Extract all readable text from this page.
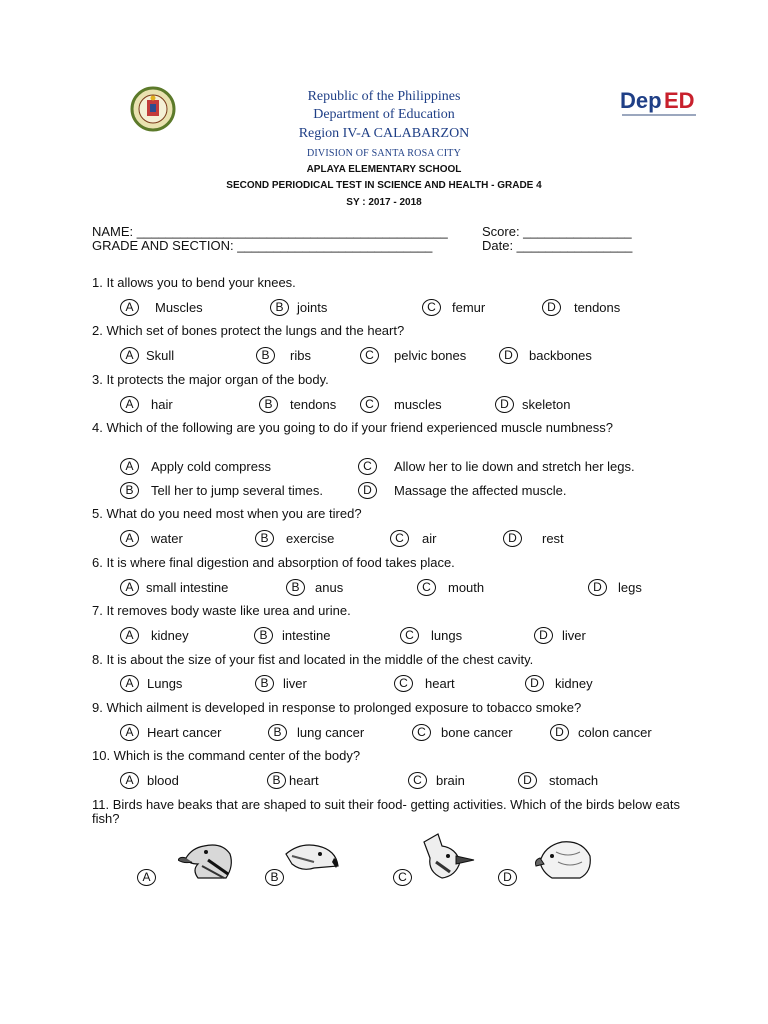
Dep ED
Republic of the Philippines
Department of Education
Region IV-A CALABARZON
DIVISION OF SANTA ROSA CITY
APLAYA ELEMENTARY SCHOOL
SECOND PERIODICAL TEST IN SCIENCE AND HEALTH - GRADE 4
SY : 2017 - 2018
NAME: ___________________________________________	Score: _______________
GRADE AND SECTION: ___________________________	Date: ________________
1. It allows you to bend your knees.
A	Muscles	B	joints	C	femur	D	tendons
2. Which set of bones protect the lungs and the heart?
A Skull	B	ribs	C	pelvic bones	D	backbones
3. It protects the major organ of the body.
A	hair	B	tendons	C	muscles	D	skeleton
4. Which of the following are you going to do if your friend experienced muscle numbness?
A	Apply cold compress	C	Allow her to lie down and stretch her legs.
B	Tell her to jump several times.	D	Massage the affected muscle.
5. What do you need most when you are tired?
A	water	B	exercise	C	air	D	rest
6. It is where final digestion and absorption of food takes place.
A small intestine	B	anus	C	mouth	D	legs
7. It removes body waste like urea and urine.
A	kidney	B	intestine	C	lungs	D	liver
8. It is about the size of your fist and located in the middle of the chest cavity.
A	Lungs	B	liver	C	heart	D	kidney
9. Which ailment is developed in response to prolonged exposure to tobacco smoke?
A	Heart cancer	B	lung cancer	C	bone cancer	D	colon cancer
10. Which is the command center of the body?
A	blood	B heart	C	brain	D	stomach
11. Birds have beaks that are shaped to suit their food- getting activities. Which of the birds below eats fish?
A	B	C	D
